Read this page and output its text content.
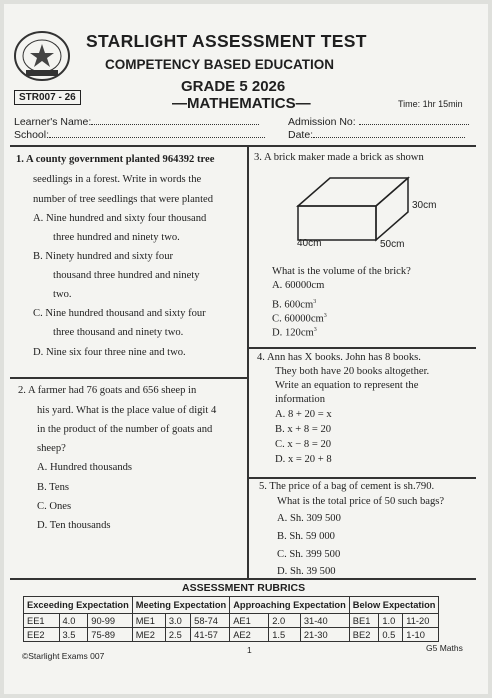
STARLIGHT ASSESSMENT TEST
COMPETENCY BASED EDUCATION
GRADE 5 2026
STR007 - 26	—MATHEMATICS—	Time: 1hr 15min
Learner's Name:	Admission No:
School:	Date:
1. A county government planted 964392 tree
seedlings in a forest. Write in words the
number of tree seedlings that were planted
A. Nine hundred and sixty four thousand
three hundred and ninety two.
B. Ninety hundred and sixty four
thousand three hundred and ninety
two.
C. Nine hundred thousand and sixty four
three thousand and ninety two.
D. Nine six four three nine and two.
2. A farmer had 76 goats and 656 sheep in
his yard. What is the place value of digit 4
in the product of the number of goats and
sheep?
A. Hundred thousands
B. Tens
C. Ones
D. Ten thousands
3. A brick maker made a brick as shown
30cm
40cm	50cm
What is the volume of the brick?
A. 60000cm
B. $600cm^3$
C. $60000cm^3$
D. $120cm^3$
4. Ann has X books. John has 8 books.
They both have 20 books altogether.
Write an equation to represent the
information
A. 8 + 20 = x
B. x + 8 = 20
C. x − 8 = 20
D. x = 20 + 8
5. The price of a bag of cement is sh.790.
What is the total price of 50 such bags?
A. Sh. 309 500
B. Sh. 59 000
C. Sh. 399 500
D. Sh. 39 500
ASSESSMENT RUBRICS
Exceeding Expectation			Meeting Expectation			Approaching Expectation			Below Expectation		
EE1	4.0	90-99	ME1	3.0	58-74	AE1	2.0	31-40	BE1	1.0	11-20
EE2	3.5	75-89	ME2	2.5	41-57	AE2	1.5	21-30	BE2	0.5	1-10
©Starlight Exams 007
1	G5 Maths
